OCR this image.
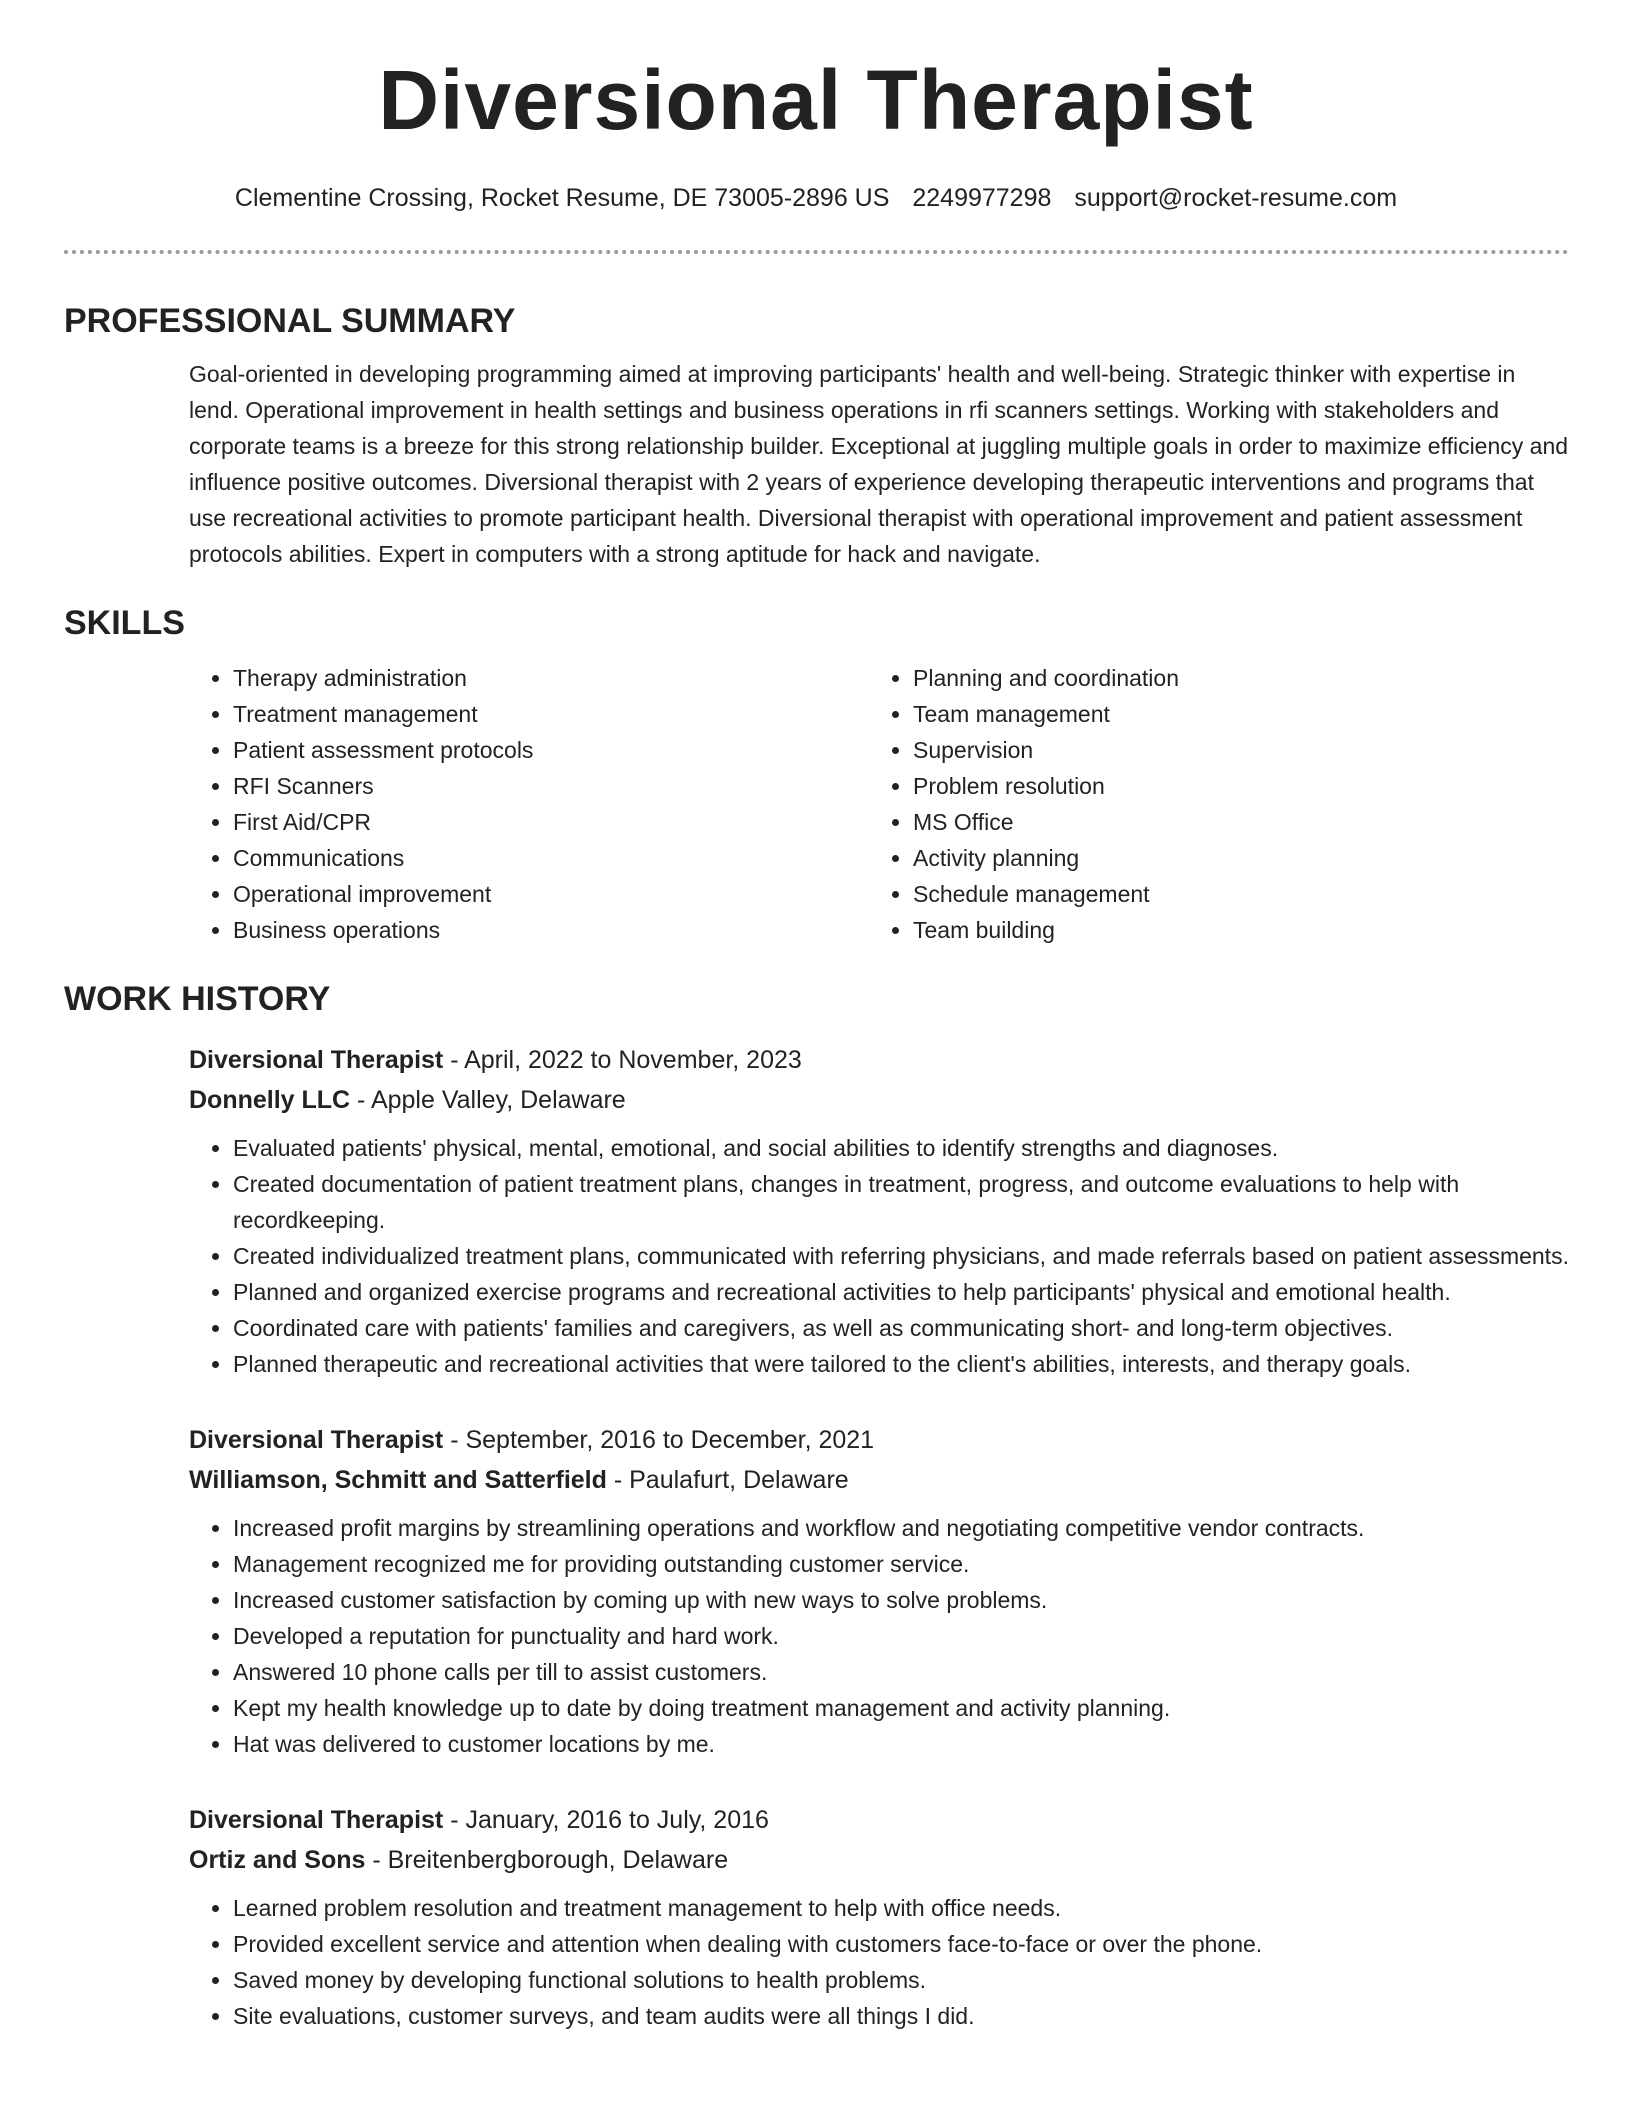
Diversional Therapist
Clementine Crossing, Rocket Resume, DE 73005-2896 US 2249977298 support@rocket-resume.com
PROFESSIONAL SUMMARY
Goal-oriented in developing programming aimed at improving participants' health and well-being. Strategic thinker with expertise in lend. Operational improvement in health settings and business operations in rfi scanners settings. Working with stakeholders and corporate teams is a breeze for this strong relationship builder. Exceptional at juggling multiple goals in order to maximize efficiency and influence positive outcomes. Diversional therapist with 2 years of experience developing therapeutic interventions and programs that use recreational activities to promote participant health. Diversional therapist with operational improvement and patient assessment protocols abilities. Expert in computers with a strong aptitude for hack and navigate.
SKILLS
• Therapy administration
• Treatment management
• Patient assessment protocols
• RFI Scanners
• First Aid/CPR
• Communications
• Operational improvement
• Business operations
• Planning and coordination
• Team management
• Supervision
• Problem resolution
• MS Office
• Activity planning
• Schedule management
• Team building
WORK HISTORY
Diversional Therapist - April, 2022 to November, 2023
Donnelly LLC - Apple Valley, Delaware
• Evaluated patients' physical, mental, emotional, and social abilities to identify strengths and diagnoses.
• Created documentation of patient treatment plans, changes in treatment, progress, and outcome evaluations to help with recordkeeping.
• Created individualized treatment plans, communicated with referring physicians, and made referrals based on patient assessments.
• Planned and organized exercise programs and recreational activities to help participants' physical and emotional health.
• Coordinated care with patients' families and caregivers, as well as communicating short- and long-term objectives.
• Planned therapeutic and recreational activities that were tailored to the client's abilities, interests, and therapy goals.
Diversional Therapist - September, 2016 to December, 2021
Williamson, Schmitt and Satterfield - Paulafurt, Delaware
• Increased profit margins by streamlining operations and workflow and negotiating competitive vendor contracts.
• Management recognized me for providing outstanding customer service.
• Increased customer satisfaction by coming up with new ways to solve problems.
• Developed a reputation for punctuality and hard work.
• Answered 10 phone calls per till to assist customers.
• Kept my health knowledge up to date by doing treatment management and activity planning.
• Hat was delivered to customer locations by me.
Diversional Therapist - January, 2016 to July, 2016
Ortiz and Sons - Breitenbergborough, Delaware
• Learned problem resolution and treatment management to help with office needs.
• Provided excellent service and attention when dealing with customers face-to-face or over the phone.
• Saved money by developing functional solutions to health problems.
• Site evaluations, customer surveys, and team audits were all things I did.
